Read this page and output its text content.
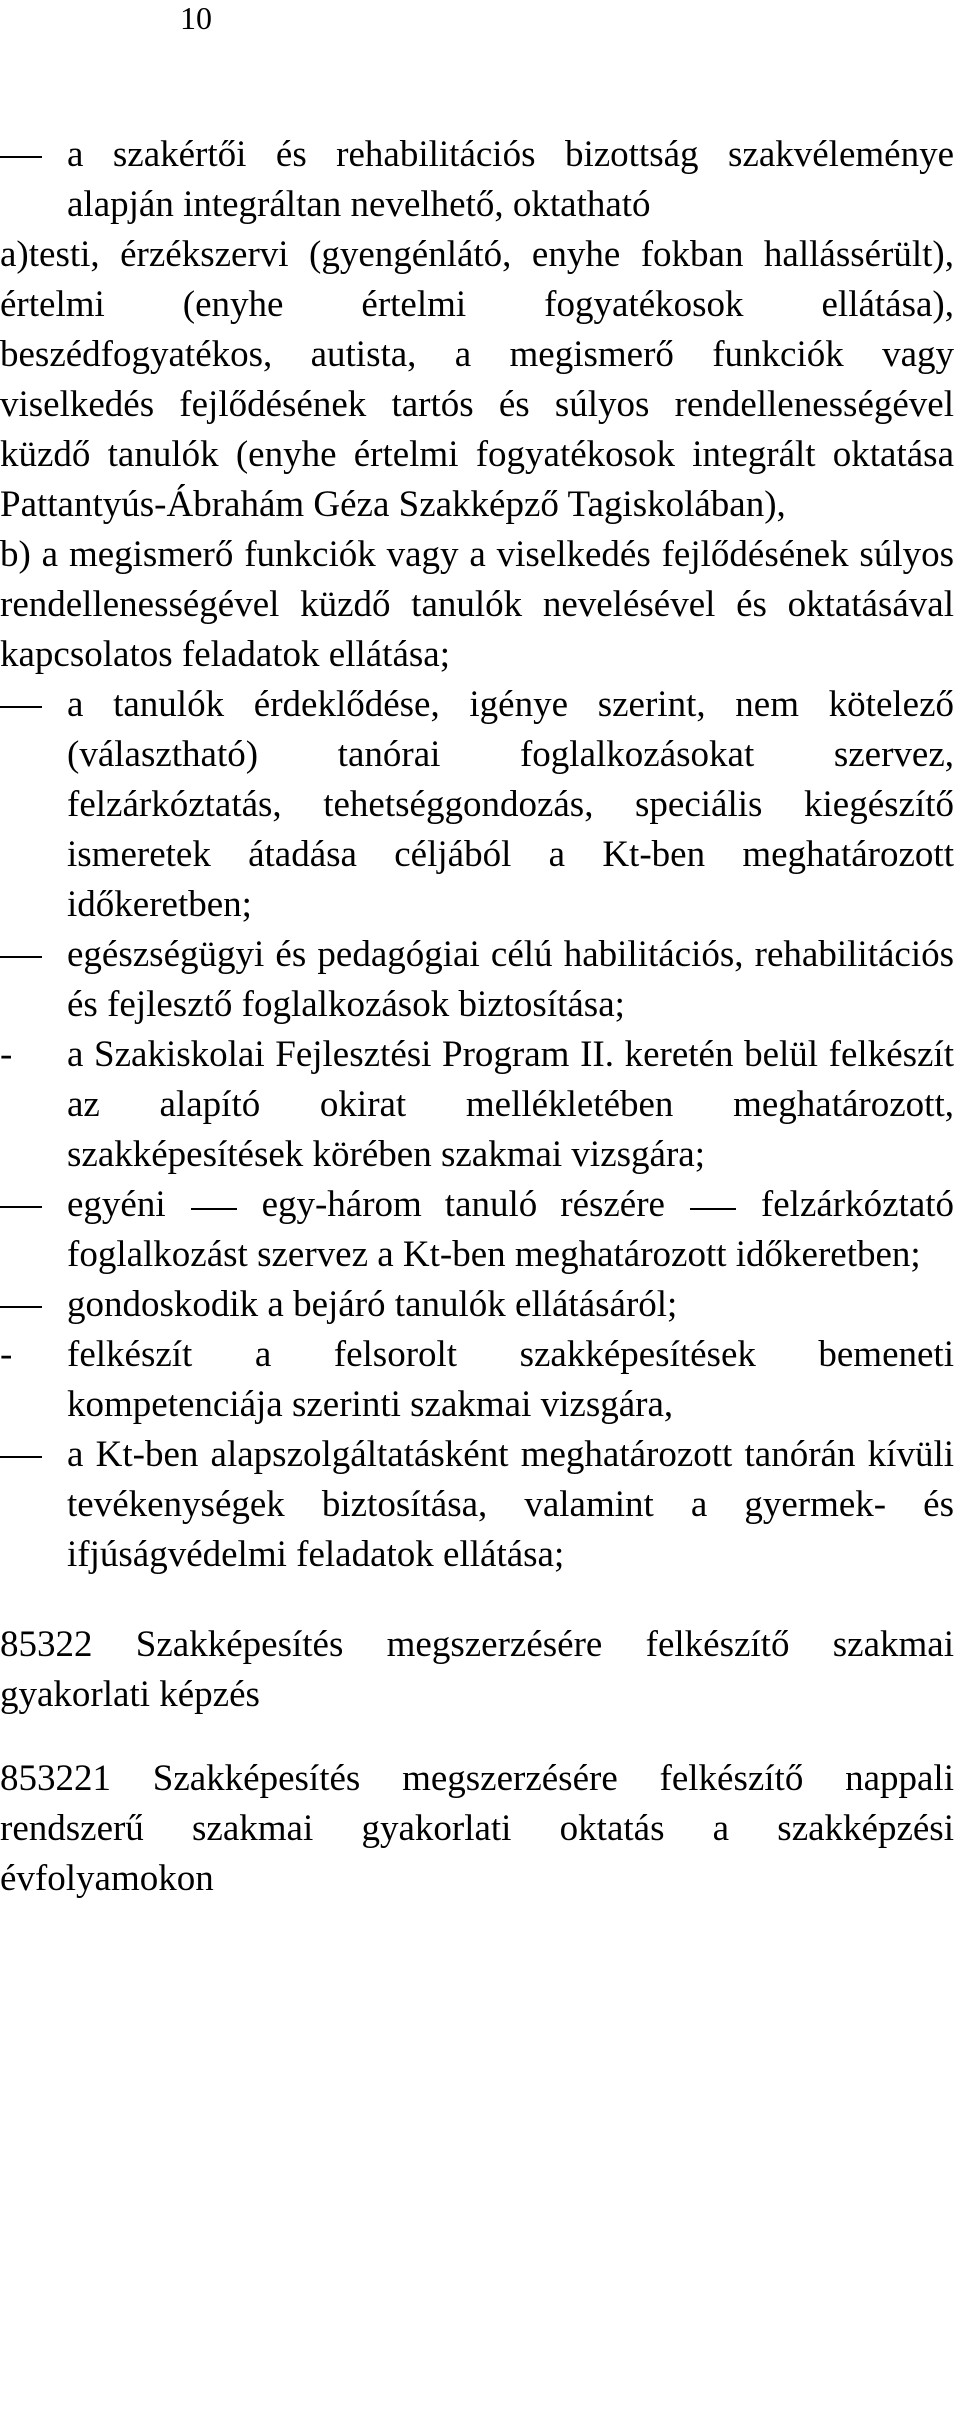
10
a szakértői és rehabilitációs bizottság szakvéleménye alapján integráltan nevelhető, oktatható

a)testi, érzékszervi (gyengénlátó, enyhe fokban hallássérült), értelmi (enyhe értelmi fogyatékosok ellátása), beszédfogyatékos, autista, a megismerő funkciók vagy viselkedés fejlődésének tartós és súlyos rendellenességével küzdő tanulók (enyhe értelmi fogyatékosok integrált oktatása Pattantyús-Ábrahám Géza Szakképző Tagiskolában),

b) a megismerő funkciók vagy a viselkedés fejlődésének súlyos rendellenességével küzdő tanulók nevelésével és oktatásával kapcsolatos feladatok ellátása;

a tanulók érdeklődése, igénye szerint, nem kötelező (választható) tanórai foglalkozásokat szervez, felzárkóztatás, tehetséggondozás, speciális kiegészítő ismeretek átadása céljából a Kt-ben meghatározott időkeretben;
egészségügyi és pedagógiai célú habilitációs, rehabilitációs és fejlesztő foglalkozások biztosítása;
- a Szakiskolai Fejlesztési Program II. keretén belül felkészít az alapító okirat mellékletében meghatározott, szakképesítések körében szakmai vizsgára;
egyéni	egy-három tanuló részére	felzárkóztató foglalkozást szervez a Kt-ben meghatározott időkeretben;
gondoskodik a bejáró tanulók ellátásáról;
- felkészít a felsorolt szakképesítések bemeneti kompetenciája szerinti szakmai vizsgára,
a Kt-ben alapszolgáltatásként meghatározott tanórán kívüli tevékenységek biztosítása, valamint a gyermek- és ifjúságvédelmi feladatok ellátása;

85322 Szakképesítés megszerzésére felkészítő szakmai gyakorlati képzés

853221 Szakképesítés megszerzésére felkészítő nappali rendszerű szakmai gyakorlati oktatás a szakképzési évfolyamokon
